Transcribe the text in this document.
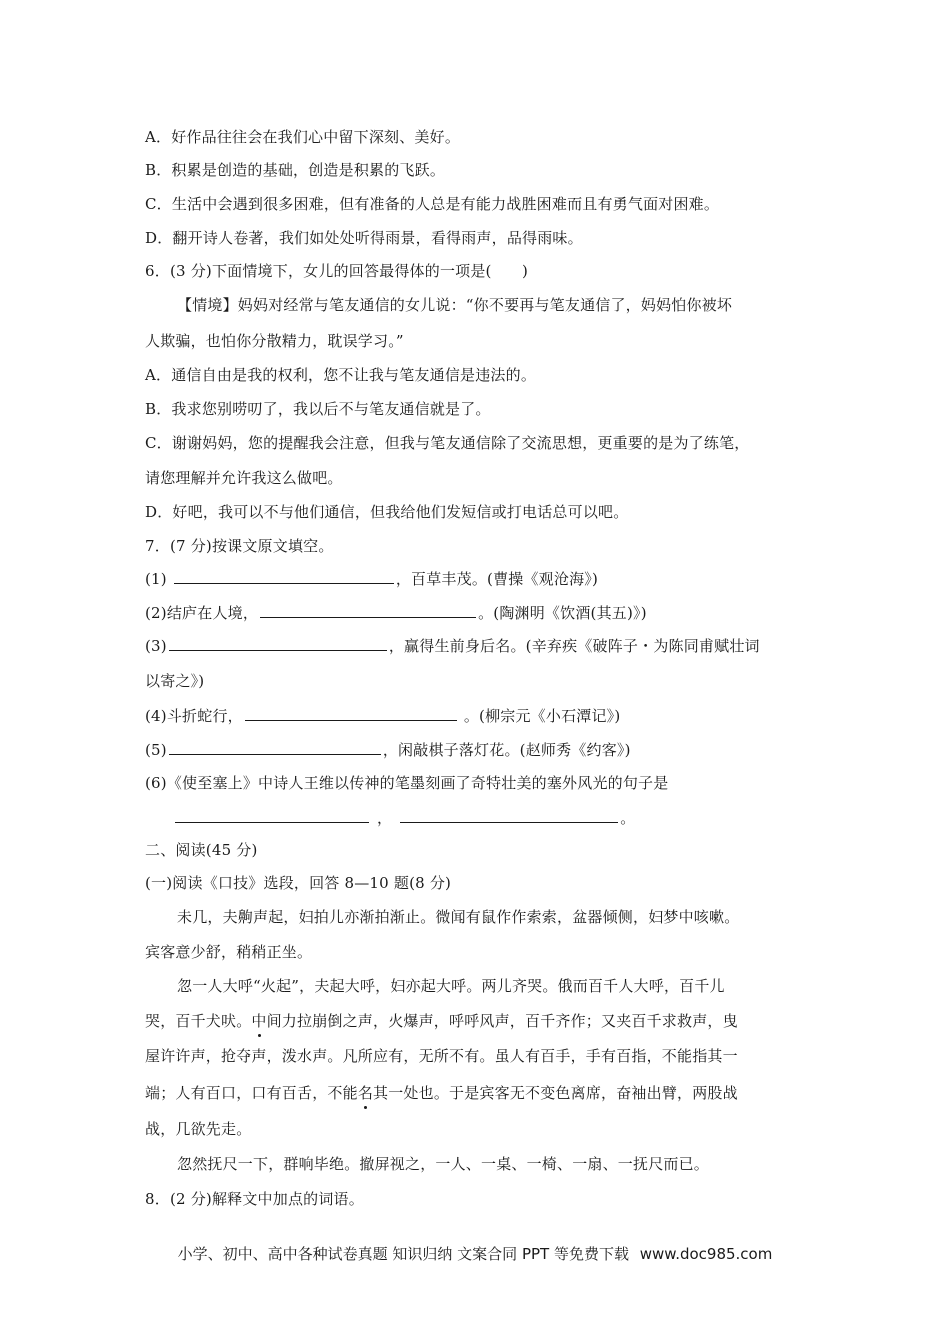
A．好作品往往会在我们心中留下深刻、美好。
B．积累是创造的基础，创造是积累的飞跃。
C．生活中会遇到很多困难，但有准备的人总是有能力战胜困难而且有勇气面对困难。
D．翻开诗人卷著，我们如处处听得雨景，看得雨声，品得雨味。
6．(3 分)下面情境下，女儿的回答最得体的一项是(　　)
【情境】妈妈对经常与笔友通信的女儿说：“你不要再与笔友通信了，妈妈怕你被坏
人欺骗，也怕你分散精力，耽误学习。”
A．通信自由是我的权利，您不让我与笔友通信是违法的。
B．我求您别唠叨了，我以后不与笔友通信就是了。
C．谢谢妈妈，您的提醒我会注意，但我与笔友通信除了交流思想，更重要的是为了练笔，
请您理解并允许我这么做吧。
D．好吧，我可以不与他们通信，但我给他们发短信或打电话总可以吧。
7．(7 分)按课文原文填空。
(1)	，百草丰茂。(曹操《观沧海》)
(2)结庐在人境，	。(陶渊明《饮酒(其五)》)
(3)	，赢得生前身后名。(辛弃疾《破阵子・为陈同甫赋壮词
以寄之》)
(4)斗折蛇行，	。(柳宗元《小石潭记》)
(5)	，闲敲棋子落灯花。(赵师秀《约客》)
(6)《使至塞上》中诗人王维以传神的笔墨刻画了奇特壮美的塞外风光的句子是
，	。
二、阅读(45 分)
(一)阅读《口技》选段，回答 8—10 题(8 分)
未几，夫齁声起，妇拍儿亦渐拍渐止。微闻有鼠作作索索，盆器倾侧，妇梦中咳嗽。
宾客意少舒，稍稍正坐。
忽一人大呼“火起”，夫起大呼，妇亦起大呼。两儿齐哭。俄而百千人大呼，百千儿
哭，百千犬吠。中间力拉崩倒之声，火爆声，呼呼风声，百千齐作；又夹百千求救声，曳
屋许许声，抢夺声，泼水声。凡所应有，无所不有。虽人有百手，手有百指，不能指其一
端；人有百口，口有百舌，不能名其一处也。于是宾客无不变色离席，奋袖出臂，两股战
战，几欲先走。
忽然抚尺一下，群响毕绝。撤屏视之，一人、一桌、一椅、一扇、一抚尺而已。
8．(2 分)解释文中加点的词语。
小学、初中、高中各种试卷真题 知识归纳 文案合同 PPT 等免费下载 www.doc985.com
